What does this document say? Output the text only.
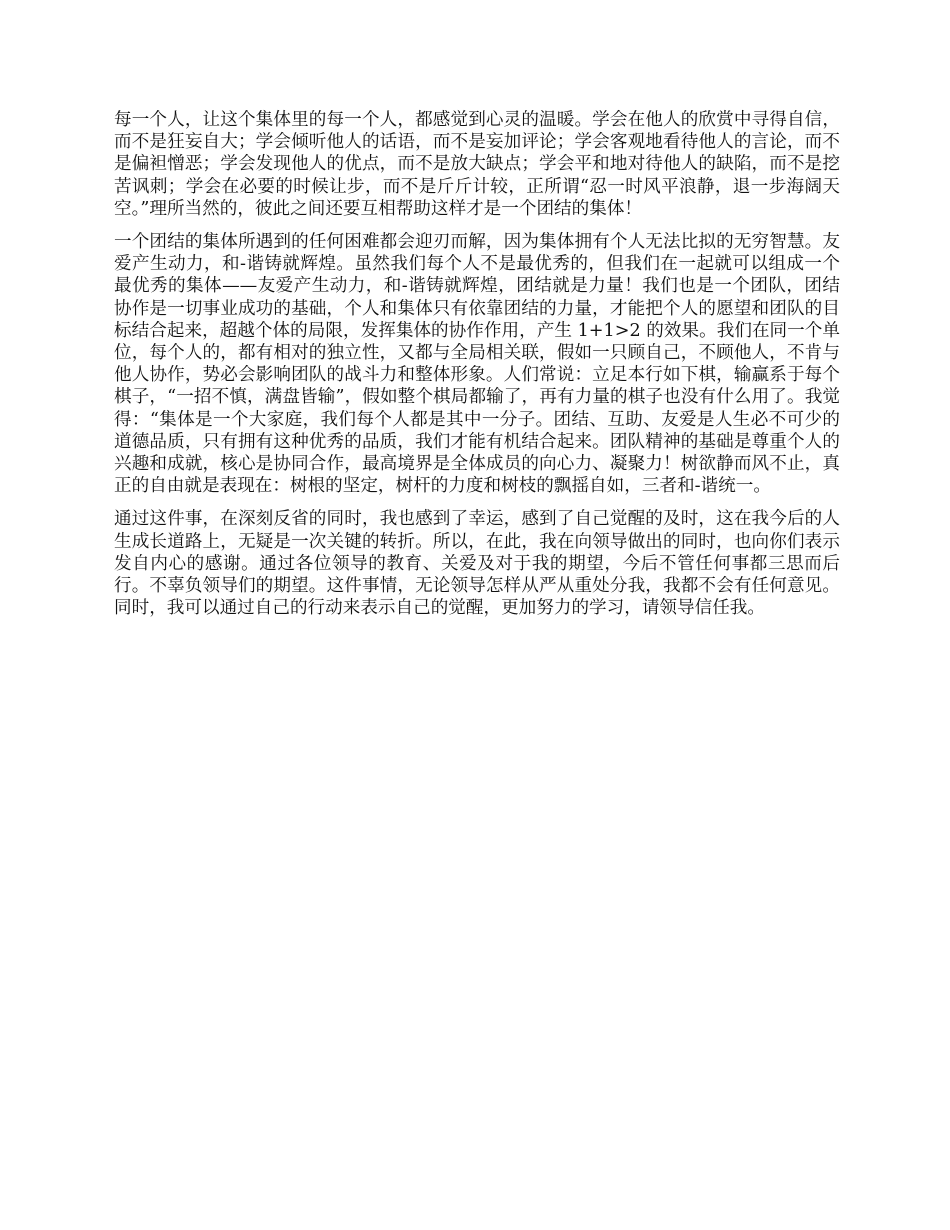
每一个人，让这个集体里的每一个人，都感觉到心灵的温暖。学会在他人的欣赏中寻得自信，而不是狂妄自大；学会倾听他人的话语，而不是妄加评论；学会客观地看待他人的言论，而不是偏袒憎恶；学会发现他人的优点，而不是放大缺点；学会平和地对待他人的缺陷，而不是挖苦讽刺；学会在必要的时候让步，而不是斤斤计较，正所谓“忍一时风平浪静，退一步海阔天空。”理所当然的，彼此之间还要互相帮助这样才是一个团结的集体！

一个团结的集体所遇到的任何困难都会迎刃而解，因为集体拥有个人无法比拟的无穷智慧。友爱产生动力，和-谐铸就辉煌。虽然我们每个人不是最优秀的，但我们在一起就可以组成一个最优秀的集体——友爱产生动力，和-谐铸就辉煌，团结就是力量！我们也是一个团队，团结协作是一切事业成功的基础，个人和集体只有依靠团结的力量，才能把个人的愿望和团队的目标结合起来，超越个体的局限，发挥集体的协作作用，产生 1+1>2 的效果。我们在同一个单位，每个人的，都有相对的独立性，又都与全局相关联，假如一只顾自己，不顾他人，不肯与他人协作，势必会影响团队的战斗力和整体形象。人们常说：立足本行如下棋，输赢系于每个棋子，“一招不慎，满盘皆输”，假如整个棋局都输了，再有力量的棋子也没有什么用了。我觉得：“集体是一个大家庭，我们每个人都是其中一分子。团结、互助、友爱是人生必不可少的道德品质，只有拥有这种优秀的品质，我们才能有机结合起来。团队精神的基础是尊重个人的兴趣和成就，核心是协同合作，最高境界是全体成员的向心力、凝聚力！树欲静而风不止，真正的自由就是表现在：树根的坚定，树杆的力度和树枝的飘摇自如，三者和-谐统一。

通过这件事，在深刻反省的同时，我也感到了幸运，感到了自己觉醒的及时，这在我今后的人生成长道路上，无疑是一次关键的转折。所以，在此，我在向领导做出的同时，也向你们表示发自内心的感谢。通过各位领导的教育、关爱及对于我的期望，今后不管任何事都三思而后行。不辜负领导们的期望。这件事情，无论领导怎样从严从重处分我，我都不会有任何意见。同时，我可以通过自己的行动来表示自己的觉醒，更加努力的学习，请领导信任我。
